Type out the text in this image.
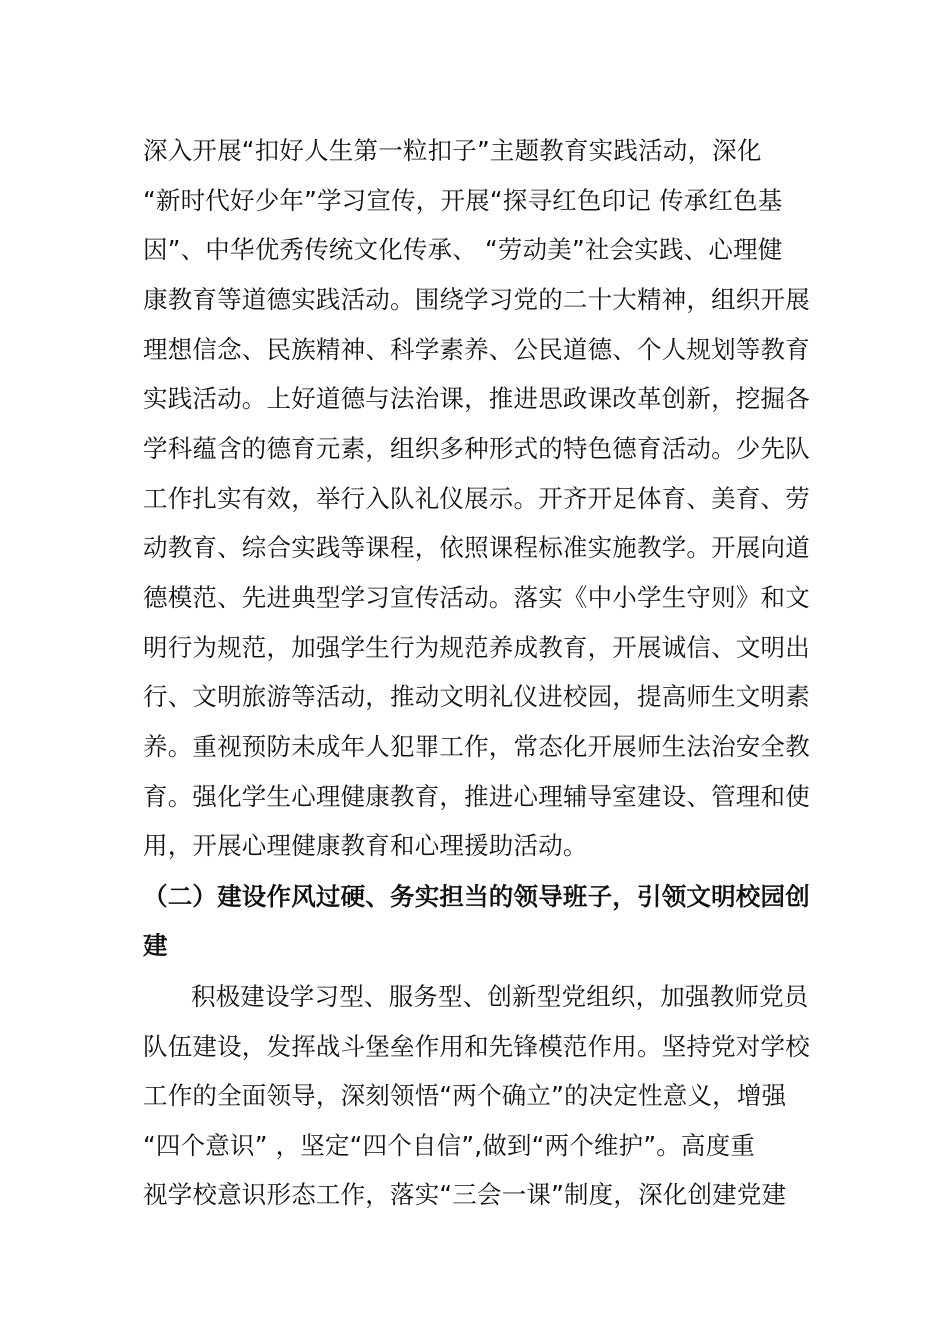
深入开展“扣好人生第一粒扣子”主题教育实践活动，深化
“新时代好少年”学习宣传，开展“探寻红色印记 传承红色基
因”、中华优秀传统文化传承、 “劳动美”社会实践、心理健
康教育等道德实践活动。围绕学习党的二十大精神，组织开展
理想信念、民族精神、科学素养、公民道德、个人规划等教育
实践活动。上好道德与法治课，推进思政课改革创新，挖掘各
学科蕴含的德育元素，组织多种形式的特色德育活动。少先队
工作扎实有效，举行入队礼仪展示。开齐开足体育、美育、劳
动教育、综合实践等课程，依照课程标准实施教学。开展向道
德模范、先进典型学习宣传活动。落实《中小学生守则》和文
明行为规范，加强学生行为规范养成教育，开展诚信、文明出
行、文明旅游等活动，推动文明礼仪进校园，提高师生文明素
养。重视预防未成年人犯罪工作，常态化开展师生法治安全教
育。强化学生心理健康教育，推进心理辅导室建设、管理和使
用，开展心理健康教育和心理援助活动。
（二）建设作风过硬、务实担当的领导班子，引领文明校园创
建
积极建设学习型、服务型、创新型党组织，加强教师党员
队伍建设，发挥战斗堡垒作用和先锋模范作用。坚持党对学校
工作的全面领导，深刻领悟“两个确立”的决定性意义，增强
“四个意识” ，坚定“四个自信”,做到“两个维护”。高度重
视学校意识形态工作，落实“三会一课”制度，深化创建党建
